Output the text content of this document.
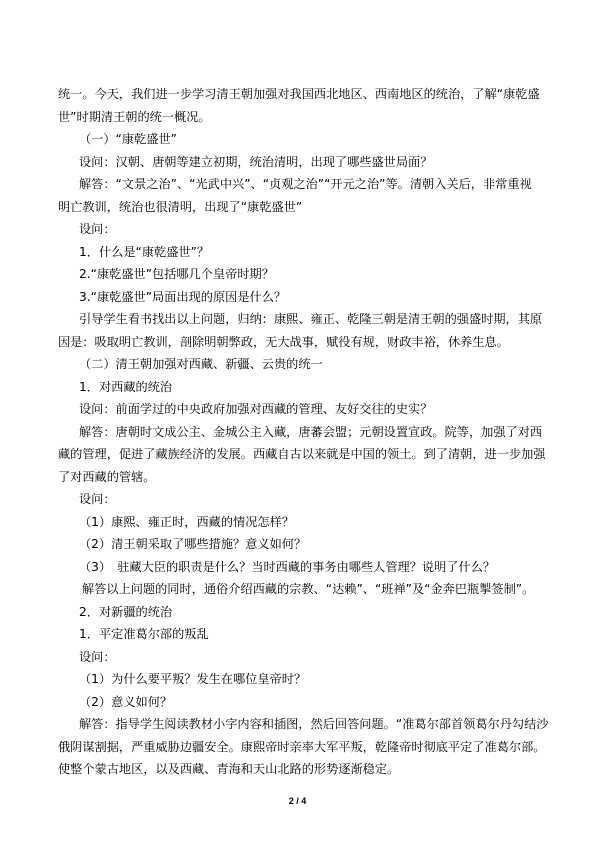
统一。今天，我们进一步学习清王朝加强对我国西北地区、西南地区的统治，了解“康乾盛
世”时期清王朝的统一概况。
（一）“康乾盛世”
设问：汉朝、唐朝等建立初期，统治清明，出现了哪些盛世局面？
解答：“文景之治”、“光武中兴”、“贞观之治”“开元之治”等。清朝入关后，非常重视
明亡教训，统治也很清明，出现了“康乾盛世”
设问：
1．什么是“康乾盛世”？
2.“康乾盛世”包括哪几个皇帝时期？
3.“康乾盛世”局面出现的原因是什么？
引导学生看书找出以上问题，归纳：康熙、雍正、乾隆三朝是清王朝的强盛时期，其原
因是：吸取明亡教训，剖除明朝弊政，无大战事，赋役有规，财政丰裕，休养生息。
（二）清王朝加强对西藏、新疆、云贵的统一
1．对西藏的统治
设问：前面学过的中央政府加强对西藏的管理、友好交往的史实？
解答：唐朝时文成公主、金城公主入藏，唐蕃会盟；元朝设置宣政。院等，加强了对西
藏的管理，促进了藏族经济的发展。西藏自古以来就是中国的领土。到了清朝，进一步加强
了对西藏的管辖。
设问：
（1）康熙、雍正时，西藏的情况怎样？
（2）清王朝采取了哪些措施？意义如何？
（3）　驻藏大臣的职责是什么？当时西藏的事务由哪些人管理？说明了什么？
解答以上问题的同时，通俗介绍西藏的宗教、“达赖”、“班禅”及“金奔巴瓶掣签制”。
2．对新疆的统治
1．平定准葛尔部的叛乱
设问：
（1）为什么要平叛？发生在哪位皇帝时？
（2）意义如何？
解答：指导学生阅读教材小字内容和插图，然后回答问题。“准葛尔部首领葛尔丹勾结沙
俄阴谋割据，严重威胁边疆安全。康熙帝时亲率大军平叛，乾隆帝时彻底平定了准葛尔部。
使整个蒙古地区，以及西藏、青海和天山北路的形势逐渐稳定。
2 / 4
